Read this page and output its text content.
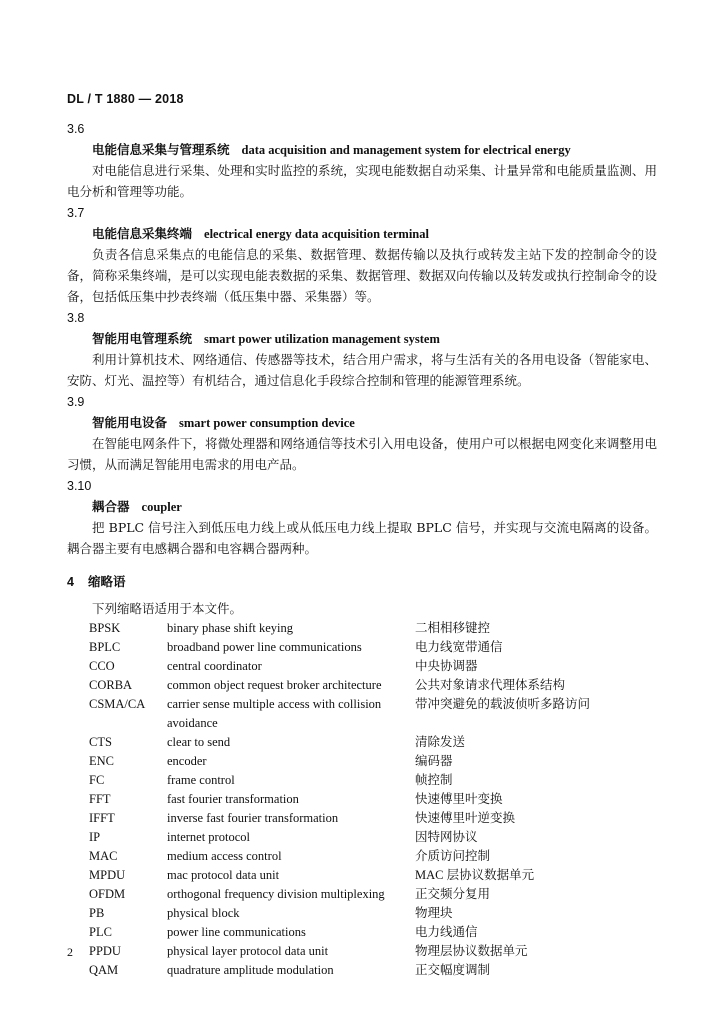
DL / T 1880 — 2018
3.6
电能信息采集与管理系统 data acquisition and management system for electrical energy

对电能信息进行采集、处理和实时监控的系统，实现电能数据自动采集、计量异常和电能质量监测、用电分析和管理等功能。

3.7
电能信息采集终端 electrical energy data acquisition terminal

负责各信息采集点的电能信息的采集、数据管理、数据传输以及执行或转发主站下发的控制命令的设备，简称采集终端，是可以实现电能表数据的采集、数据管理、数据双向传输以及转发或执行控制命令的设备，包括低压集中抄表终端（低压集中器、采集器）等。

3.8
智能用电管理系统 smart power utilization management system

利用计算机技术、网络通信、传感器等技术，结合用户需求，将与生活有关的各用电设备（智能家电、安防、灯光、温控等）有机结合，通过信息化手段综合控制和管理的能源管理系统。

3.9
智能用电设备 smart power consumption device

在智能电网条件下，将微处理器和网络通信等技术引入用电设备，使用户可以根据电网变化来调整用电习惯，从而满足智能用电需求的用电产品。

3.10
耦合器 coupler

把 BPLC 信号注入到低压电力线上或从低压电力线上提取 BPLC 信号，并实现与交流电隔离的设备。耦合器主要有电感耦合器和电容耦合器两种。

4 缩略语

下列缩略语适用于本文件。

BPSK	binary phase shift keying	二相相移键控
BPLC	broadband power line communications	电力线宽带通信
CCO	central coordinator	中央协调器
CORBA	common object request broker architecture	公共对象请求代理体系结构
CSMA/CA	carrier sense multiple access with collision avoidance	带冲突避免的载波侦听多路访问
CTS	clear to send	清除发送
ENC	encoder	编码器
FC	frame control	帧控制
FFT	fast fourier transformation	快速傅里叶变换
IFFT	inverse fast fourier transformation	快速傅里叶逆变换
IP	internet protocol	因特网协议
MAC	medium access control	介质访问控制
MPDU	mac protocol data unit	MAC 层协议数据单元
OFDM	orthogonal frequency division multiplexing	正交频分复用
PB	physical block	物理块
PLC	power line communications	电力线通信
PPDU	physical layer protocol data unit	物理层协议数据单元
QAM	quadrature amplitude modulation	正交幅度调制
2
